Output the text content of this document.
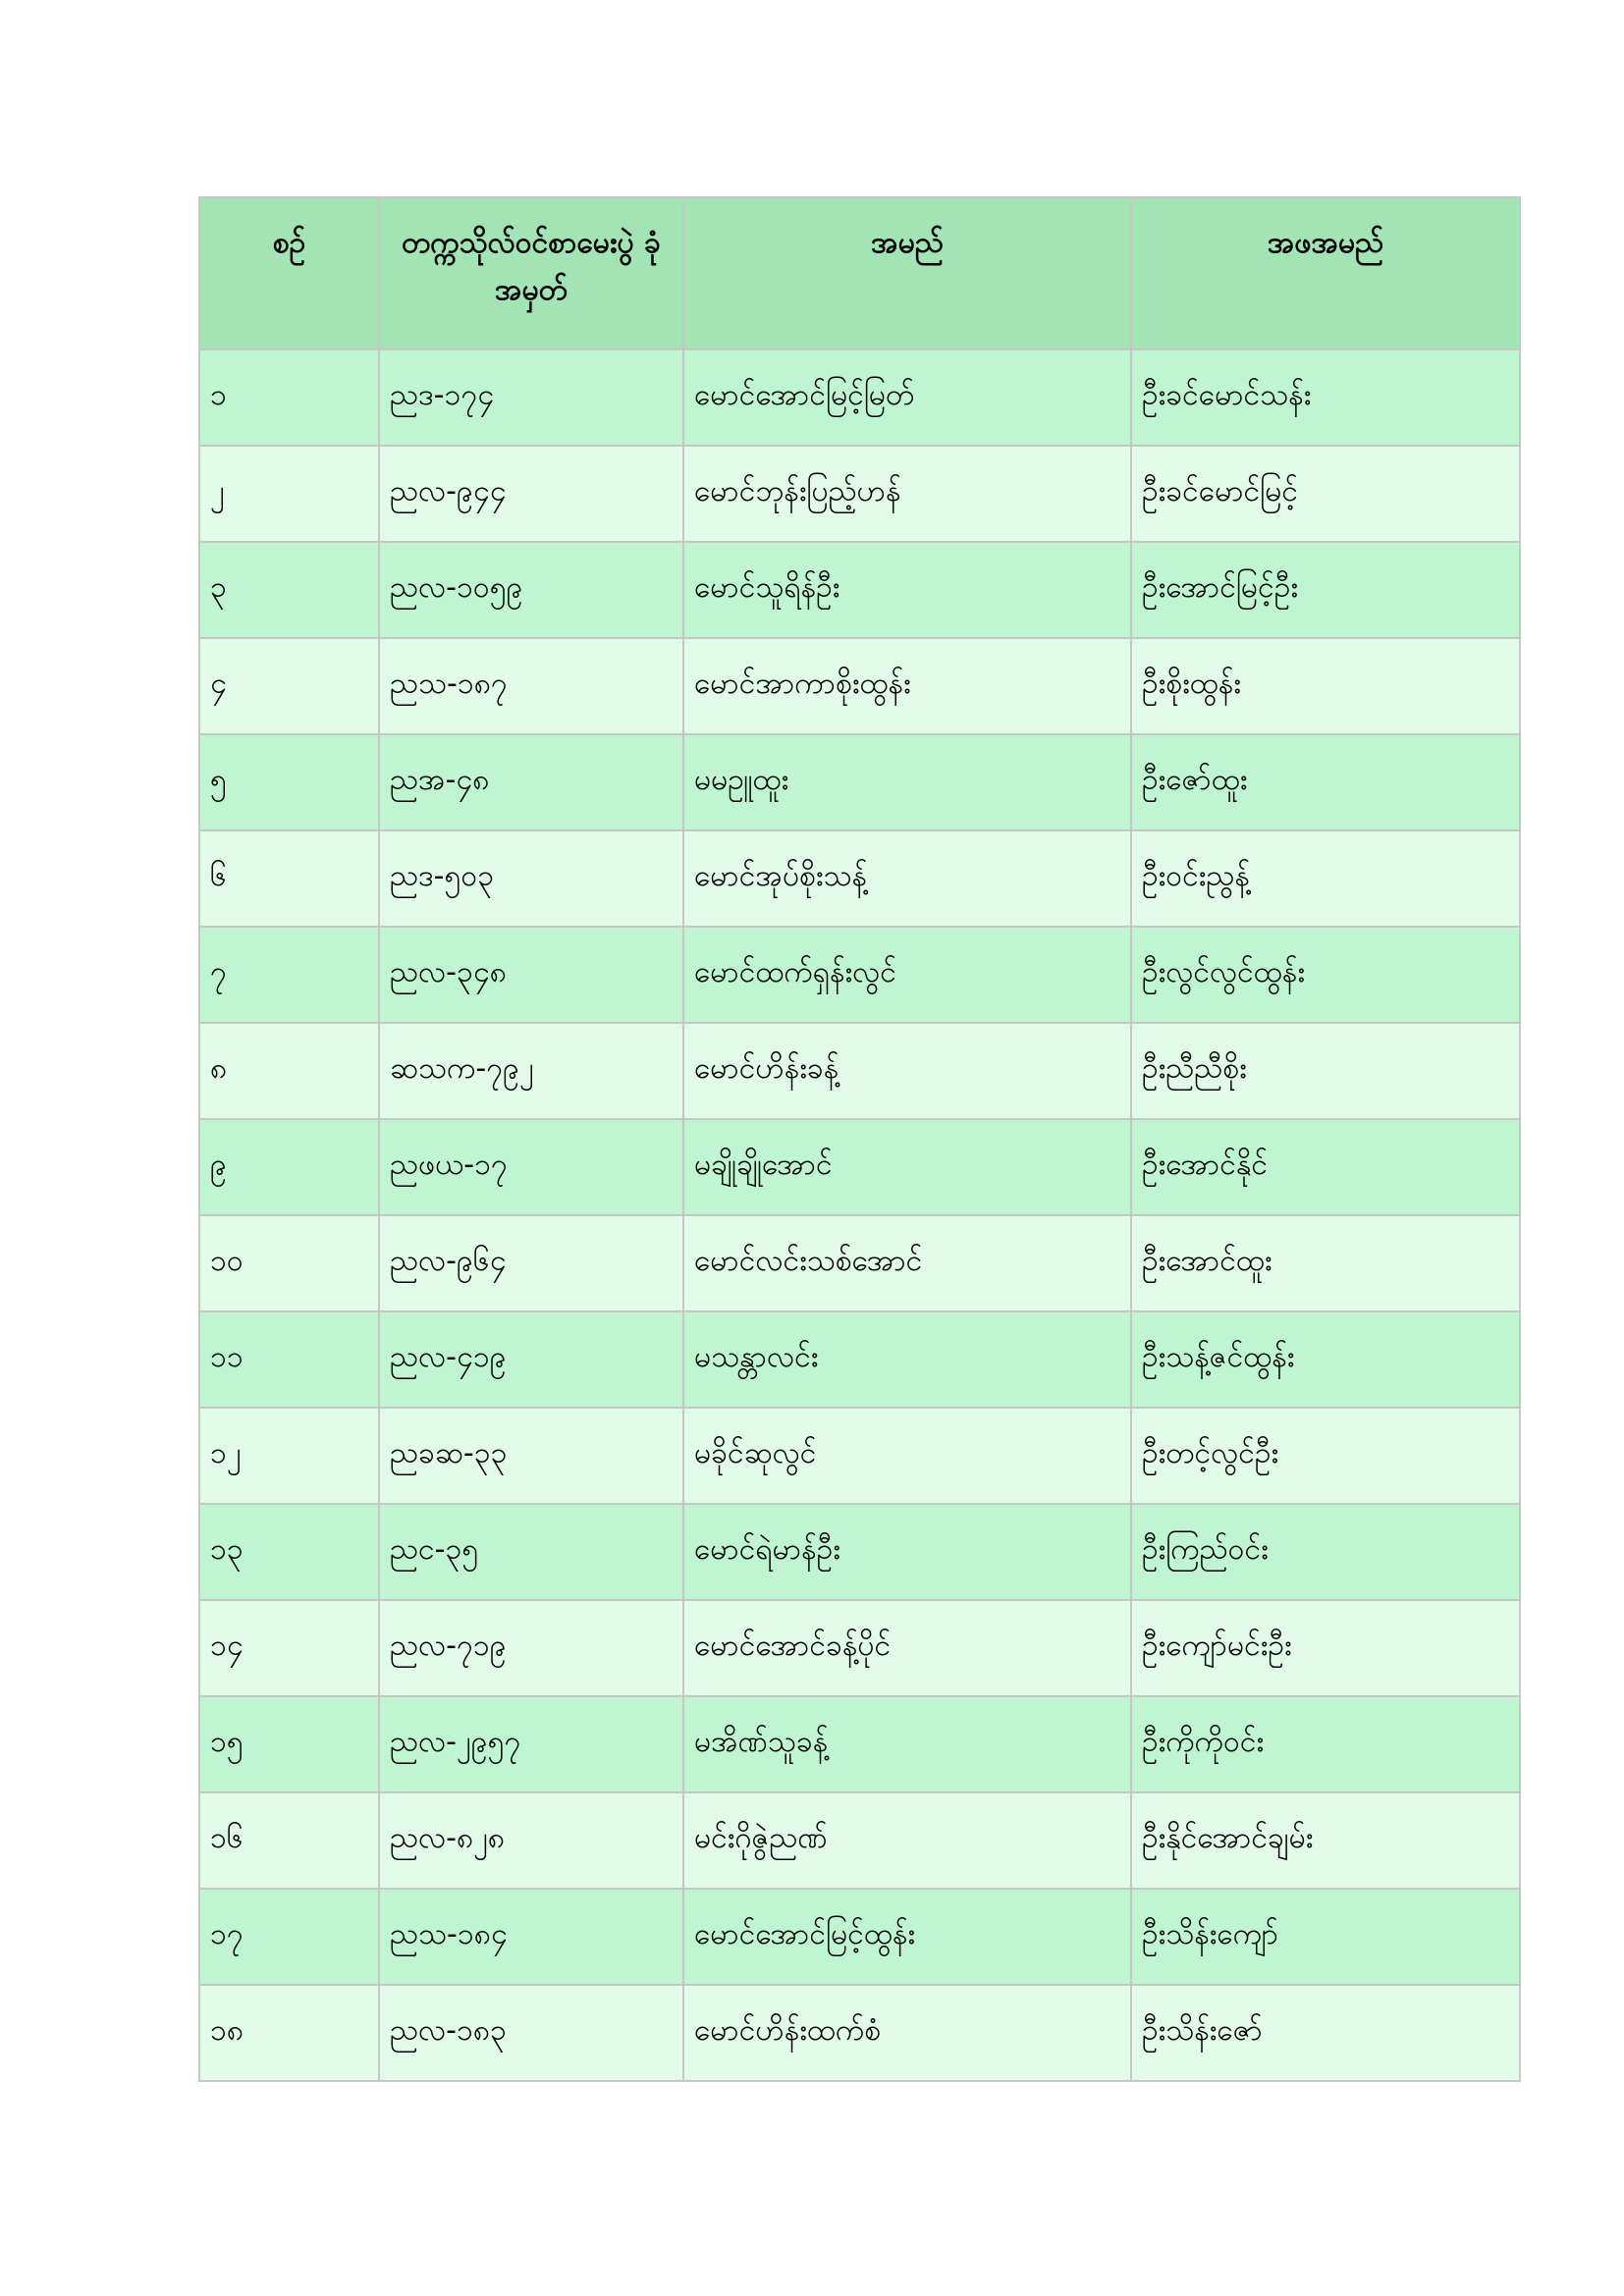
စဉ်	တက္ကသိုလ်ဝင်စာမေးပွဲ ခုံအမှတ်	အမည်	အဖအမည်
၁	ညဒ-၁၇၄	မောင်အောင်မြင့်မြတ်	ဦးခင်မောင်သန်း
၂	ညလ-၉၄၄	မောင်ဘုန်းပြည့်ဟန်	ဦးခင်မောင်မြင့်
၃	ညလ-၁၀၅၉	မောင်သူရိန်ဦး	ဦးအောင်မြင့်ဦး
၄	ညသ-၁၈၇	မောင်အာကာစိုးထွန်း	ဦးစိုးထွန်း
၅	ညအ-၄၈	မမဥူထူး	ဦးဇော်ထူး
၆	ညဒ-၅၀၃	မောင်အုပ်စိုးသန့်	ဦးဝင်းညွန့်
၇	ညလ-၃၄၈	မောင်ထက်ရှန်းလွင်	ဦးလွင်လွင်ထွန်း
၈	ဆသက-၇၉၂	မောင်ဟိန်းခန့်	ဦးညီညီစိုး
၉	ညဖယ-၁၇	မချိုချိုအောင်	ဦးအောင်နိုင်
၁၀	ညလ-၉၆၄	မောင်လင်းသစ်အောင်	ဦးအောင်ထူး
၁၁	ညလ-၄၁၉	မသန္တာလင်း	ဦးသန့်ဇင်ထွန်း
၁၂	ညခဆ-၃၃	မခိုင်ဆုလွင်	ဦးတင့်လွင်ဦး
၁၃	ညင-၃၅	မောင်ရဲမာန်ဦး	ဦးကြည်ဝင်း
၁၄	ညလ-၇၁၉	မောင်အောင်ခန့်ပိုင်	ဦးကျော်မင်းဦး
၁၅	ညလ-၂၉၅၇	မအိဏ်သူခန့်	ဦးကိုကိုဝင်း
၁၆	ညလ-၈၂၈	မင်းဂိုဇွဲညဏ်	ဦးနိုင်အောင်ချမ်း
၁၇	ညသ-၁၈၄	မောင်အောင်မြင့်ထွန်း	ဦးသိန်းကျော်
၁၈	ညလ-၁၈၃	မောင်ဟိန်းထက်စံ	ဦးသိန်းဇော်
